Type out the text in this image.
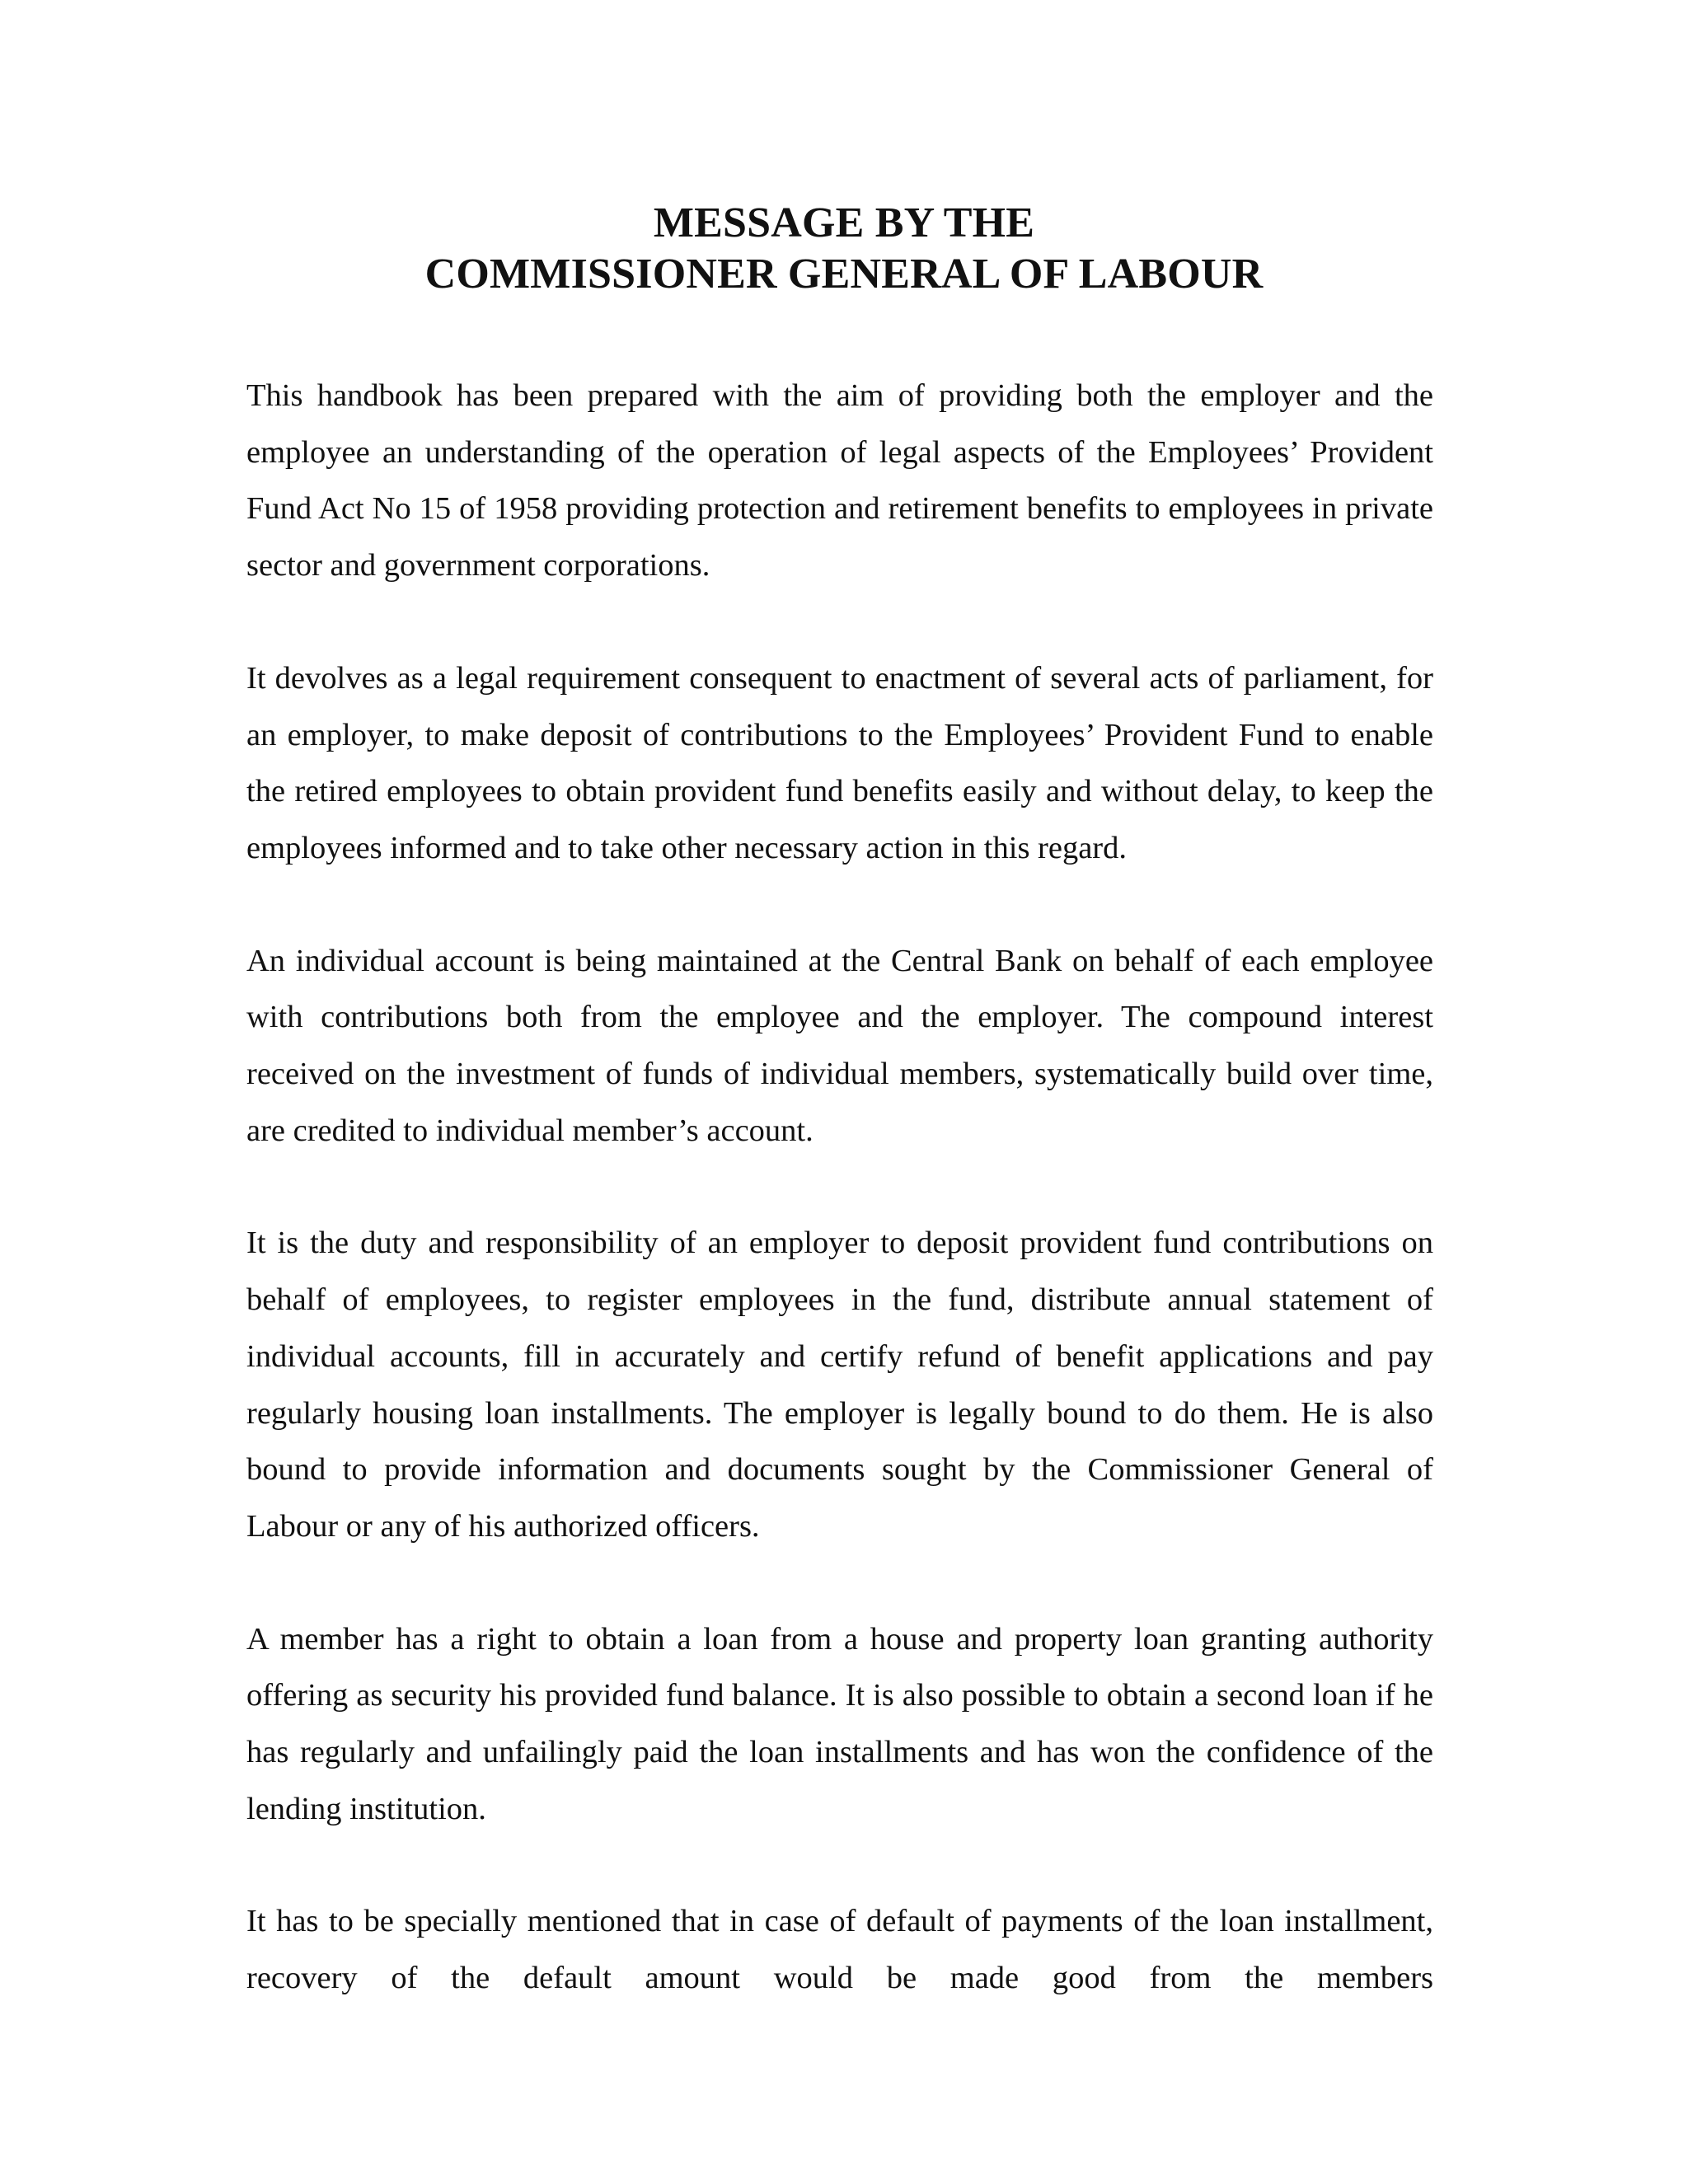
MESSAGE BY THE
COMMISSIONER GENERAL OF LABOUR

This handbook has been prepared with the aim of providing both the employer and the employee an understanding of the operation of legal aspects of the Employees’ Provident Fund Act No 15 of 1958 providing protection and retirement benefits to employees in private sector and government corporations.

It devolves as a legal requirement consequent to enactment of several acts of parliament, for an employer, to make deposit of contributions to the Employees’ Provident Fund to enable the retired employees to obtain provident fund benefits easily and without delay, to keep the employees informed and to take other necessary action in this regard.

An individual account is being maintained at the Central Bank on behalf of each employee with contributions both from the employee and the employer. The compound interest received on the investment of funds of individual members, systematically build over time, are credited to individual member’s account.

It is the duty and responsibility of an employer to deposit provident fund contributions on behalf of employees, to register employees in the fund, distribute annual statement of individual accounts, fill in accurately and certify refund of benefit applications and pay regularly housing loan installments. The employer is legally bound to do them. He is also bound to provide information and documents sought by the Commissioner General of Labour or any of his authorized officers.

A member has a right to obtain a loan from a house and property loan granting authority offering as security his provided fund balance. It is also possible to obtain a second loan if he has regularly and unfailingly paid the loan installments and has won the confidence of the lending institution.

It has to be specially mentioned that in case of default of payments of the loan installment, recovery of the default amount would be made good from the members
